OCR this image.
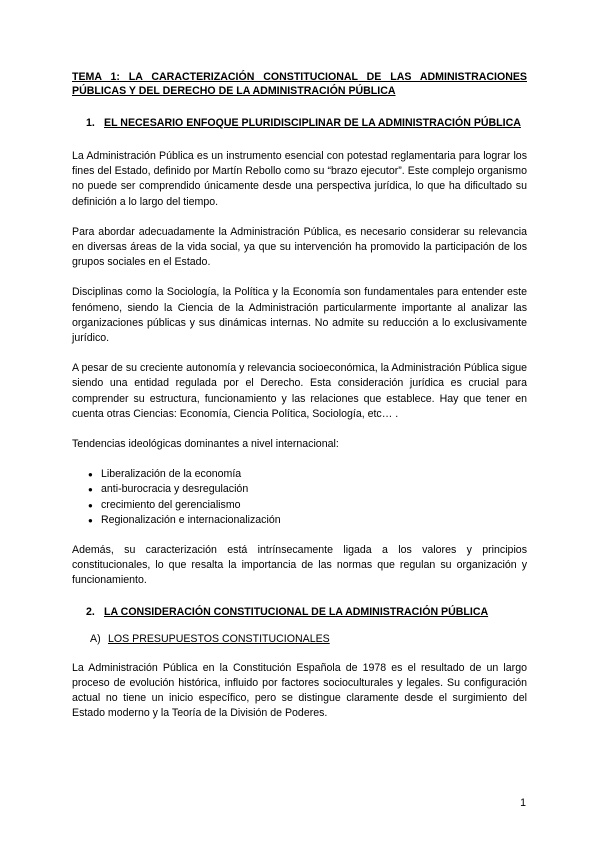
TEMA 1: LA CARACTERIZACIÓN CONSTITUCIONAL DE LAS ADMINISTRACIONES PÚBLICAS Y DEL DERECHO DE LA ADMINISTRACIÓN PÚBLICA
1. EL NECESARIO ENFOQUE PLURIDISCIPLINAR DE LA ADMINISTRACIÓN PÚBLICA

La Administración Pública es un instrumento esencial con potestad reglamentaria para lograr los fines del Estado, definido por Martín Rebollo como su “brazo ejecutor”. Este complejo organismo no puede ser comprendido únicamente desde una perspectiva jurídica, lo que ha dificultado su definición a lo largo del tiempo.

Para abordar adecuadamente la Administración Pública, es necesario considerar su relevancia en diversas áreas de la vida social, ya que su intervención ha promovido la participación de los grupos sociales en el Estado.

Disciplinas como la Sociología, la Política y la Economía son fundamentales para entender este fenómeno, siendo la Ciencia de la Administración particularmente importante al analizar las organizaciones públicas y sus dinámicas internas. No admite su reducción a lo exclusivamente jurídico.

A pesar de su creciente autonomía y relevancia socioeconómica, la Administración Pública sigue siendo una entidad regulada por el Derecho. Esta consideración jurídica es crucial para comprender su estructura, funcionamiento y las relaciones que establece. Hay que tener en cuenta otras Ciencias: Economía, Ciencia Política, Sociología, etc… .

Tendencias ideológicas dominantes a nivel internacional:

● Liberalización de la economía
● anti-burocracia y desregulación
● crecimiento del gerencialismo
● Regionalización e internacionalización

Además, su caracterización está intrínsecamente ligada a los valores y principios constitucionales, lo que resalta la importancia de las normas que regulan su organización y funcionamiento.

2. LA CONSIDERACIÓN CONSTITUCIONAL DE LA ADMINISTRACIÓN PÚBLICA
A) LOS PRESUPUESTOS CONSTITUCIONALES

La Administración Pública en la Constitución Española de 1978 es el resultado de un largo proceso de evolución histórica, influido por factores socioculturales y legales. Su configuración actual no tiene un inicio específico, pero se distingue claramente desde el surgimiento del Estado moderno y la Teoría de la División de Poderes.

1
